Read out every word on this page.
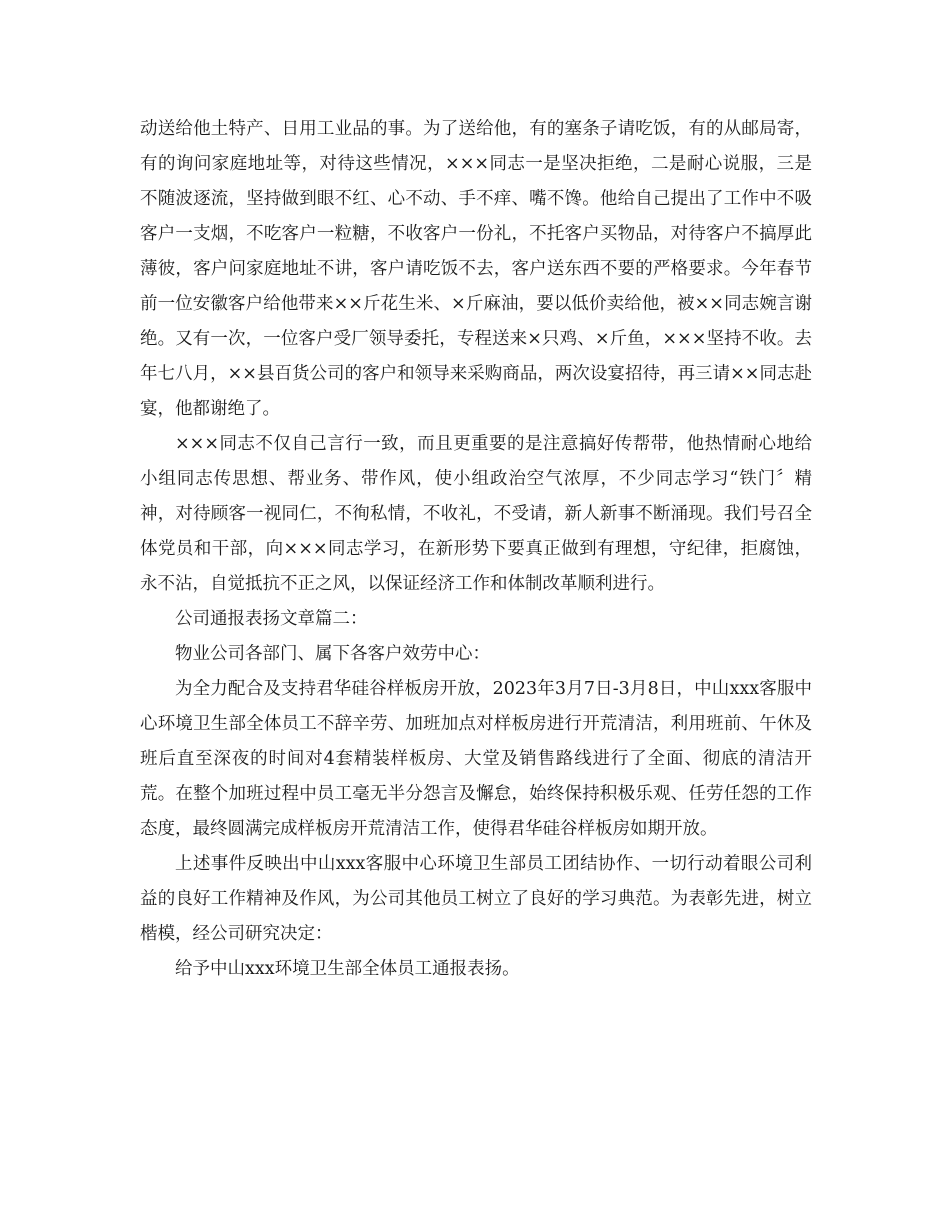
动送给他土特产、日用工业品的事。为了送给他，有的塞条子请吃饭，有的从邮局寄，有的询问家庭地址等，对待这些情况，×××同志一是坚决拒绝，二是耐心说服，三是不随波逐流，坚持做到眼不红、心不动、手不痒、嘴不馋。他给自己提出了工作中不吸客户一支烟，不吃客户一粒糖，不收客户一份礼，不托客户买物品，对待客户不搞厚此薄彼，客户问家庭地址不讲，客户请吃饭不去，客户送东西不要的严格要求。今年春节前一位安徽客户给他带来××斤花生米、×斤麻油，要以低价卖给他，被××同志婉言谢绝。又有一次，一位客户受厂领导委托，专程送来×只鸡、×斤鱼，×××坚持不收。去年七八月，××县百货公司的客户和领导来采购商品，两次设宴招待，再三请××同志赴宴，他都谢绝了。

×××同志不仅自己言行一致，而且更重要的是注意搞好传帮带，他热情耐心地给小组同志传思想、帮业务、带作风，使小组政治空气浓厚，不少同志学习“铁门〞精神，对待顾客一视同仁，不徇私情，不收礼，不受请，新人新事不断涌现。我们号召全体党员和干部，向×××同志学习，在新形势下要真正做到有理想，守纪律，拒腐蚀，永不沾，自觉抵抗不正之风，以保证经济工作和体制改革顺利进行。

公司通报表扬文章篇二：

物业公司各部门、属下各客户效劳中心：

为全力配合及支持君华硅谷样板房开放，2023年3月7日-3月8日，中山xxx客服中心环境卫生部全体员工不辞辛劳、加班加点对样板房进行开荒清洁，利用班前、午休及班后直至深夜的时间对4套精装样板房、大堂及销售路线进行了全面、彻底的清洁开荒。在整个加班过程中员工毫无半分怨言及懈怠，始终保持积极乐观、任劳任怨的工作态度，最终圆满完成样板房开荒清洁工作，使得君华硅谷样板房如期开放。

上述事件反映出中山xxx客服中心环境卫生部员工团结协作、一切行动着眼公司利益的良好工作精神及作风，为公司其他员工树立了良好的学习典范。为表彰先进，树立楷模，经公司研究决定：

给予中山xxx环境卫生部全体员工通报表扬。
